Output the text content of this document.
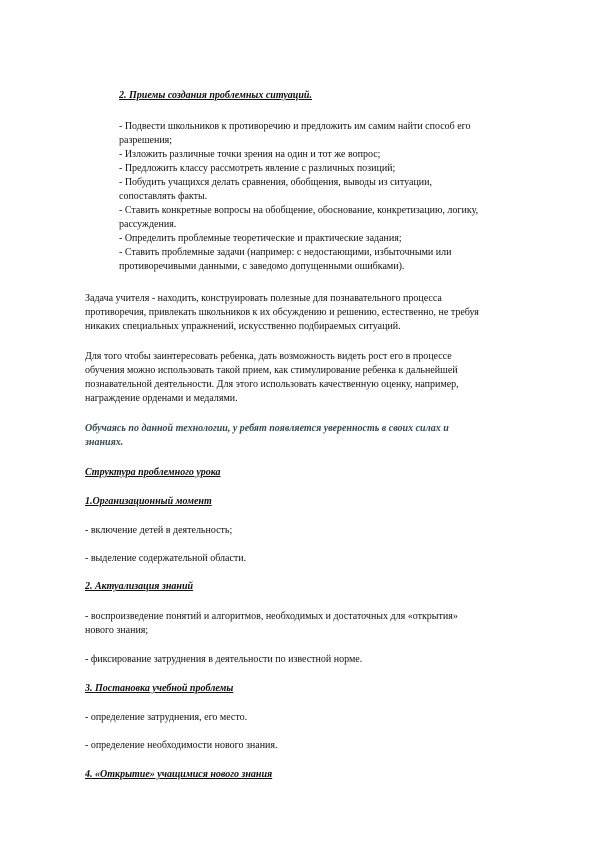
2. Приемы создания проблемных ситуаций.
- Подвести школьников к противоречию и предложить им самим найти способ его
разрешения;
- Изложить различные точки зрения на один и тот же вопрос;
- Предложить классу рассмотреть явление с различных позиций;
- Побудить учащихся делать сравнения, обобщения, выводы из ситуации,
сопоставлять факты.
- Ставить конкретные вопросы на обобщение, обоснование, конкретизацию, логику,
рассуждения.
- Определить проблемные теоретические и практические задания;
- Ставить проблемные задачи (например: с недостающими, избыточными или
противоречивыми данными, с заведомо допущенными ошибками).
Задача учителя - находить, конструировать полезные для познавательного процесса
противоречия, привлекать школьников к их обсуждению и решению, естественно, не требуя
никаких специальных упражнений, искусственно подбираемых ситуаций.
Для того чтобы заинтересовать ребенка, дать возможность видеть рост его в процессе
обучения можно использовать такой прием, как стимулирование ребенка к дальнейшей
познавательной деятельности. Для этого использовать качественную оценку, например,
награждение орденами и медалями.
Обучаясь по данной технологии, у ребят появляется уверенность в своих силах и
знаниях.
Структура проблемного урока
1.Организационный момент
- включение детей в деятельность;
- выделение содержательной области.
2. Актуализация знаний
- воспроизведение понятий и алгоритмов, необходимых и достаточных для «открытия»
нового знания;
- фиксирование затруднения в деятельности по известной норме.
3. Постановка учебной проблемы
- определение затруднения, его место.
- определение необходимости нового знания.
4. «Открытие» учащимися нового знания
